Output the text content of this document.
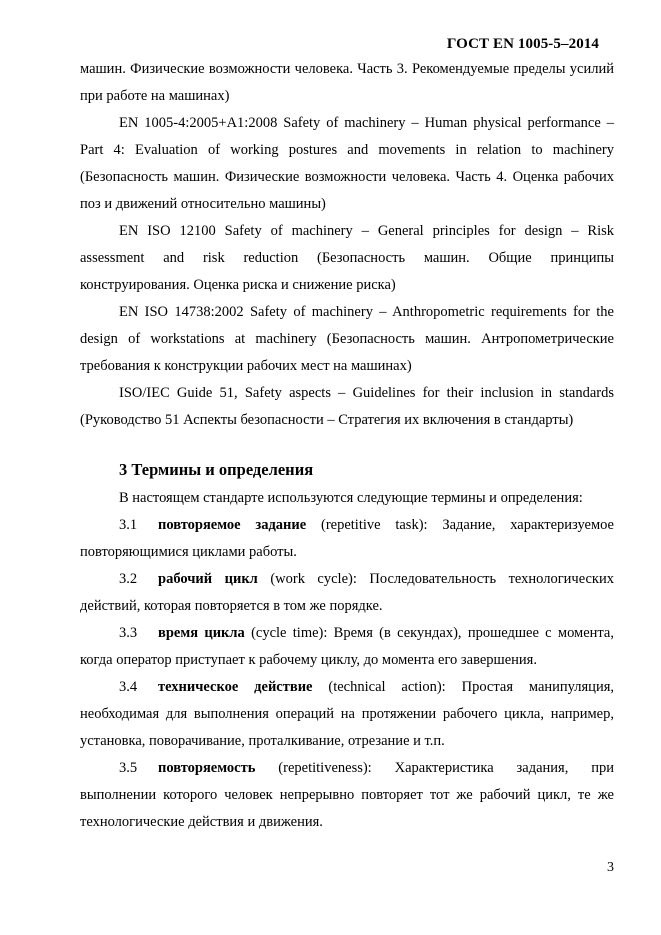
ГОСТ EN 1005-5–2014

машин. Физические возможности человека. Часть 3. Рекомендуемые пределы усилий при работе на машинах)

EN 1005-4:2005+A1:2008 Safety of machinery – Human physical performance – Part 4: Evaluation of working postures and movements in relation to machinery (Безопасность машин. Физические возможности человека. Часть 4. Оценка рабочих поз и движений относительно машины)

EN ISO 12100 Safety of machinery – General principles for design – Risk assessment and risk reduction (Безопасность машин. Общие принципы конструирования. Оценка риска и снижение риска)

EN ISO 14738:2002 Safety of machinery – Anthropometric requirements for the design of workstations at machinery (Безопасность машин. Антропометрические требования к конструкции рабочих мест на машинах)

ISO/IEC Guide 51, Safety aspects – Guidelines for their inclusion in standards (Руководство 51 Аспекты безопасности – Стратегия их включения в стандарты)

3 Термины и определения

В настоящем стандарте используются следующие термины и определения:

3.1 повторяемое задание (repetitive task): Задание, характеризуемое повторяющимися циклами работы.

3.2 рабочий цикл (work cycle): Последовательность технологических действий, которая повторяется в том же порядке.

3.3 время цикла (cycle time): Время (в секундах), прошедшее с момента, когда оператор приступает к рабочему циклу, до момента его завершения.

3.4 техническое действие (technical action): Простая манипуляция, необходимая для выполнения операций на протяжении рабочего цикла, например, установка, поворачивание, проталкивание, отрезание и т.п.

3.5 повторяемость (repetitiveness): Характеристика задания, при выполнении которого человек непрерывно повторяет тот же рабочий цикл, те же технологические действия и движения.

3
